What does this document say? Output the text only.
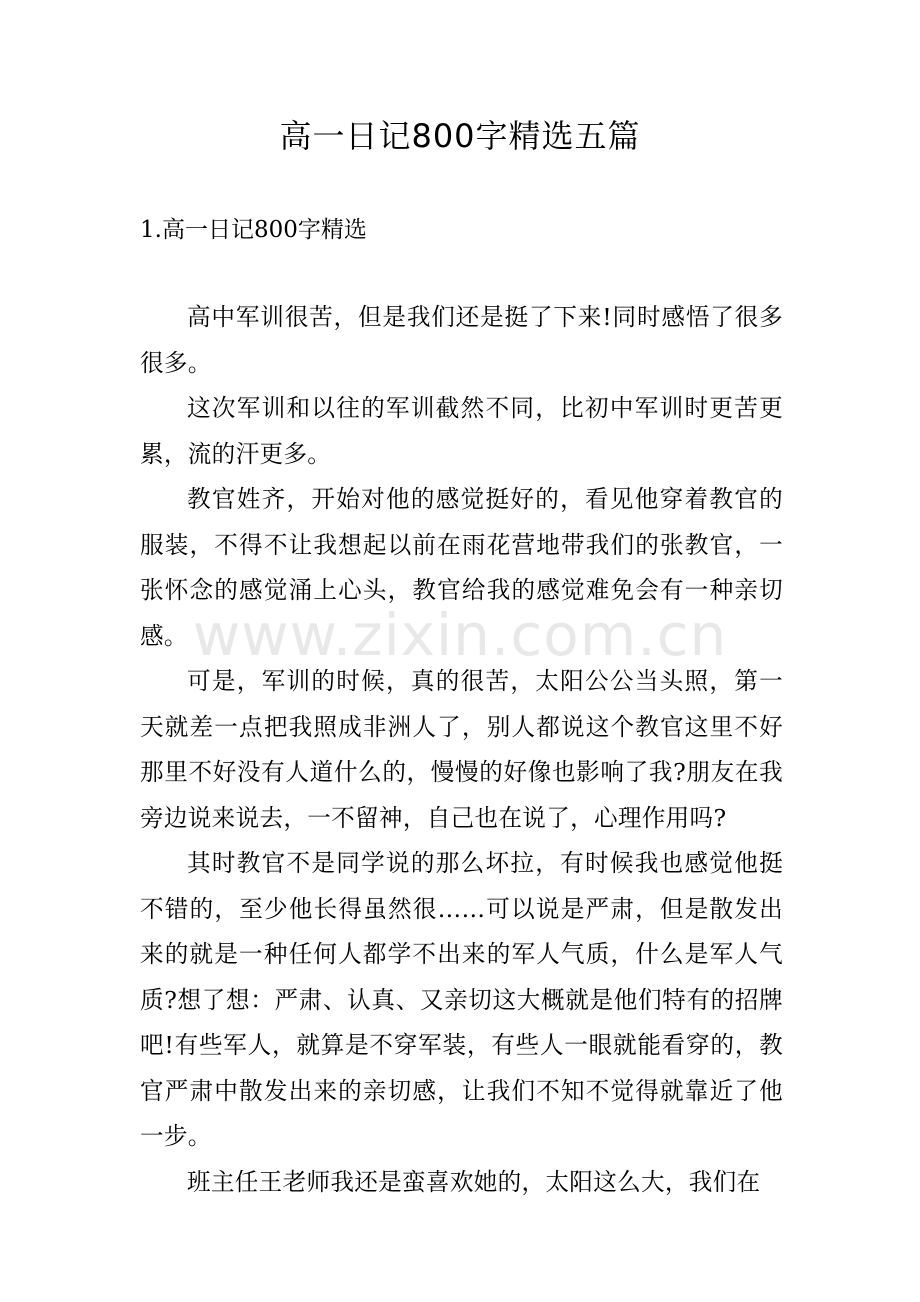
高一日记800字精选五篇
1.高一日记800字精选

高中军训很苦，但是我们还是挺了下来!同时感悟了很多很多。

这次军训和以往的军训截然不同，比初中军训时更苦更累，流的汗更多。

教官姓齐，开始对他的感觉挺好的，看见他穿着教官的服装，不得不让我想起以前在雨花营地带我们的张教官，一张怀念的感觉涌上心头，教官给我的感觉难免会有一种亲切感。

可是，军训的时候，真的很苦，太阳公公当头照，第一天就差一点把我照成非洲人了，别人都说这个教官这里不好那里不好没有人道什么的，慢慢的好像也影响了我?朋友在我旁边说来说去，一不留神，自己也在说了，心理作用吗?

其时教官不是同学说的那么坏拉，有时候我也感觉他挺不错的，至少他长得虽然很……可以说是严肃，但是散发出来的就是一种任何人都学不出来的军人气质，什么是军人气质?想了想：严肃、认真、又亲切这大概就是他们特有的招牌吧!有些军人，就算是不穿军装，有些人一眼就能看穿的，教官严肃中散发出来的亲切感，让我们不知不觉得就靠近了他一步。

班主任王老师我还是蛮喜欢她的，太阳这么大，我们在

www.zixin.com.cn
